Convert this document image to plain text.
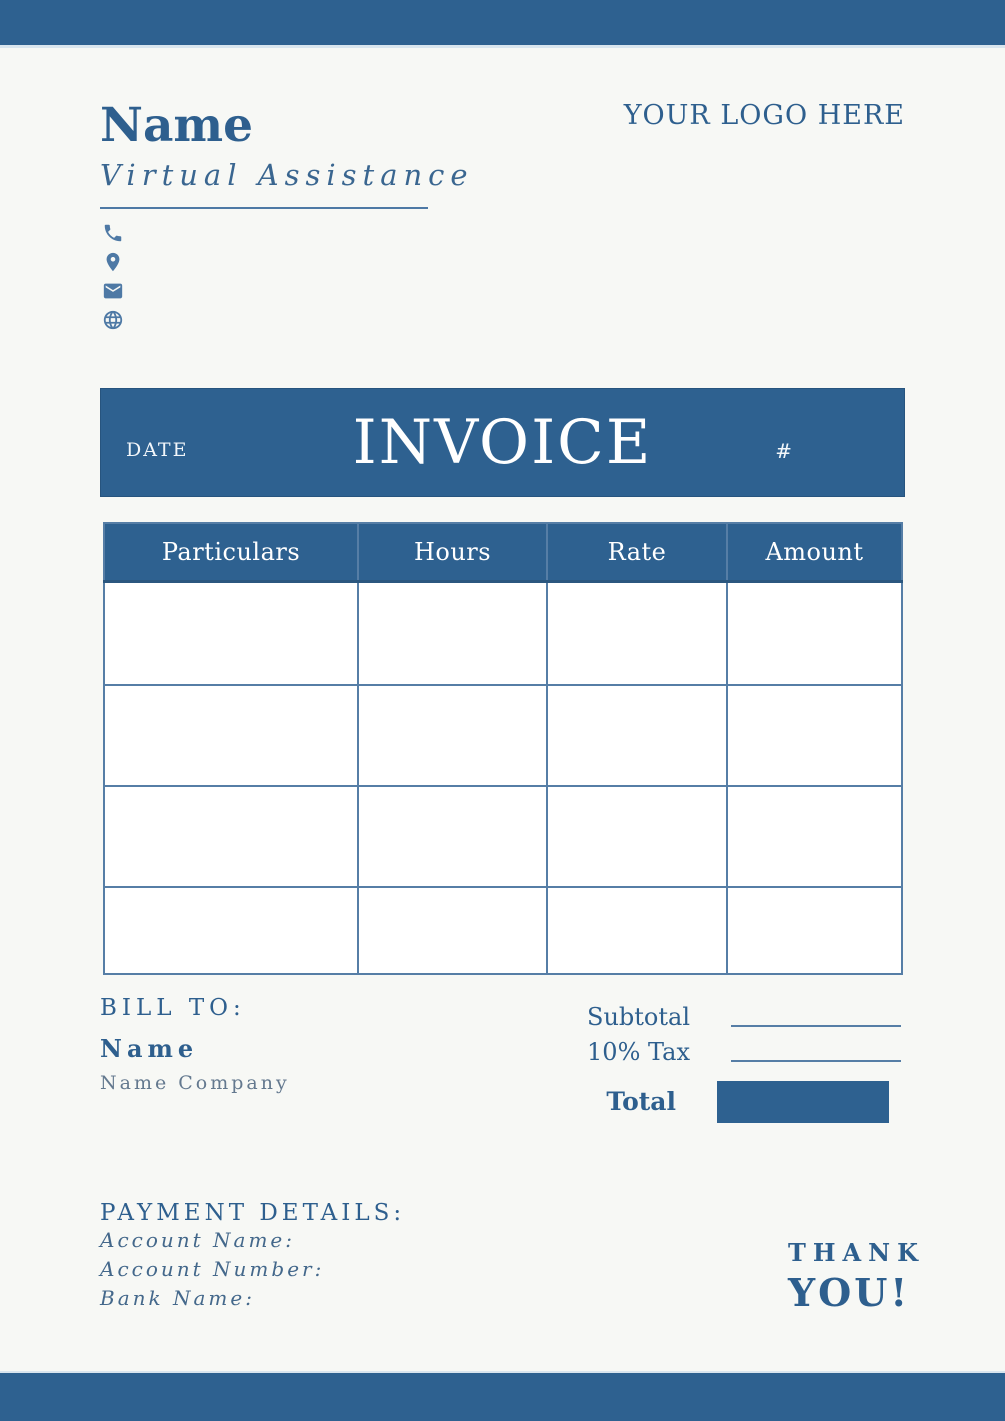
YOUR LOGO HERE
Name
Virtual Assistance
DATE	INVOICE	#
Particulars	Hours	Rate	Amount

BILL TO:
Name
Name Company
Subtotal
10% Tax
Total
PAYMENT DETAILS:
Account Name:
Account Number:
Bank Name:
THANK
YOU!
